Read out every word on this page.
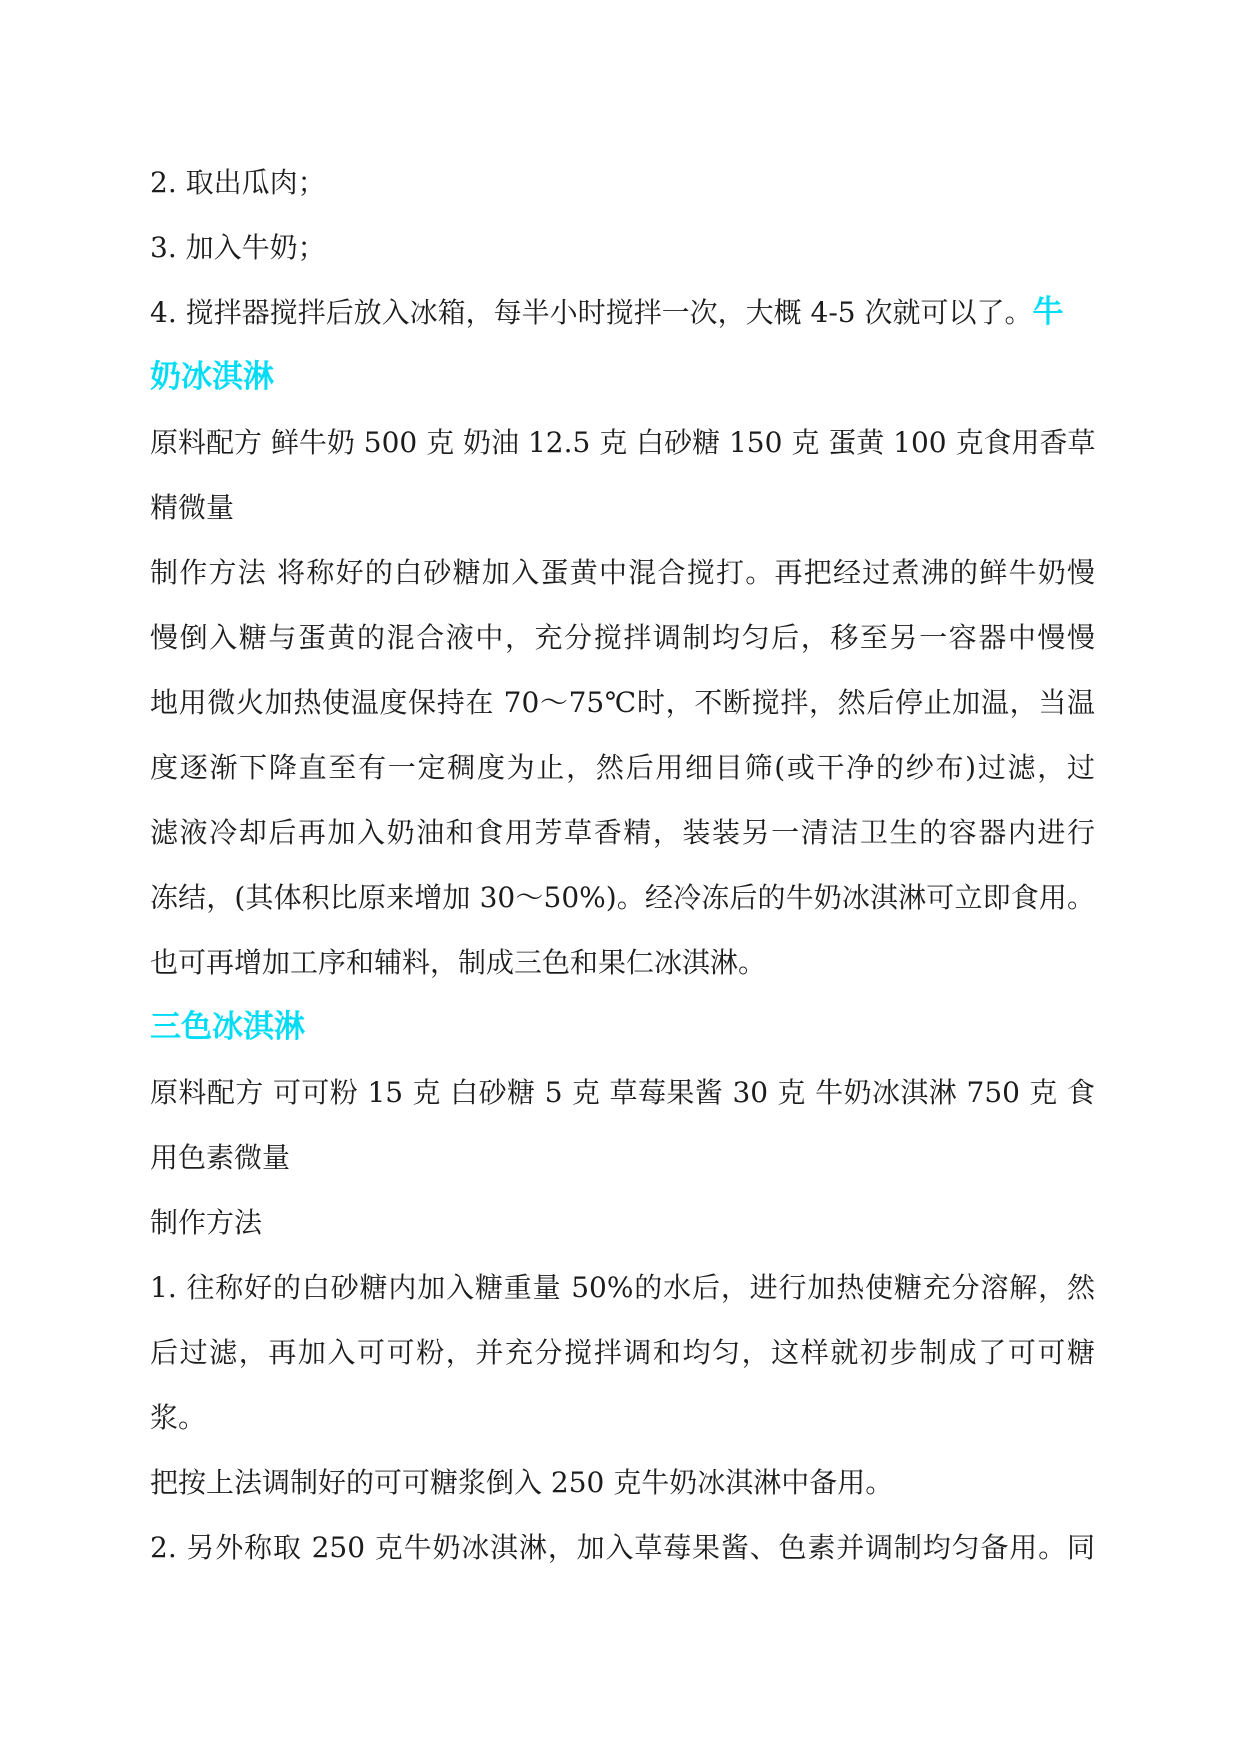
2. 取出瓜肉；
3. 加入牛奶；
4. 搅拌器搅拌后放入冰箱，每半小时搅拌一次，大概 4-5 次就可以了。牛
奶冰淇淋
原料配方 鲜牛奶 500 克 奶油 12.5 克 白砂糖 150 克 蛋黄 100 克食用香草
精微量
制作方法 将称好的白砂糖加入蛋黄中混合搅打。再把经过煮沸的鲜牛奶慢
慢倒入糖与蛋黄的混合液中，充分搅拌调制均匀后，移至另一容器中慢慢
地用微火加热使温度保持在 70～75℃时，不断搅拌，然后停止加温，当温
度逐渐下降直至有一定稠度为止，然后用细目筛(或干净的纱布)过滤，过
滤液冷却后再加入奶油和食用芳草香精，装装另一清洁卫生的容器内进行
冻结，(其体积比原来增加 30～50%)。经冷冻后的牛奶冰淇淋可立即食用。
也可再增加工序和辅料，制成三色和果仁冰淇淋。
三色冰淇淋
原料配方 可可粉 15 克 白砂糖 5 克 草莓果酱 30 克 牛奶冰淇淋 750 克 食
用色素微量
制作方法
1. 往称好的白砂糖内加入糖重量 50%的水后，进行加热使糖充分溶解，然
后过滤，再加入可可粉，并充分搅拌调和均匀，这样就初步制成了可可糖
浆。
把按上法调制好的可可糖浆倒入 250 克牛奶冰淇淋中备用。
2. 另外称取 250 克牛奶冰淇淋，加入草莓果酱、色素并调制均匀备用。同
